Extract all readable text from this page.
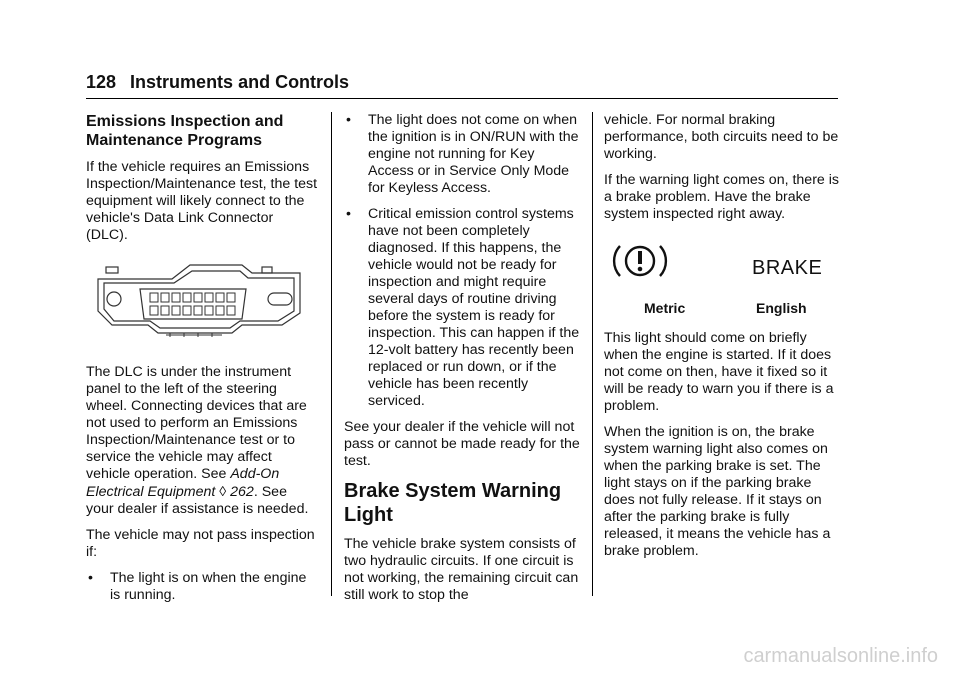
128 Instruments and Controls
Emissions Inspection and Maintenance Programs

If the vehicle requires an Emissions Inspection/Maintenance test, the test equipment will likely connect to the vehicle's Data Link Connector (DLC).

The DLC is under the instrument panel to the left of the steering wheel. Connecting devices that are not used to perform an Emissions Inspection/Maintenance test or to service the vehicle may affect vehicle operation. See Add-On Electrical Equipment ◊ 262. See your dealer if assistance is needed.

The vehicle may not pass inspection if:

•	The light is on when the engine is running.
•	The light does not come on when the ignition is in ON/RUN with the engine not running for Key Access or in Service Only Mode for Keyless Access.
•	Critical emission control systems have not been completely diagnosed. If this happens, the vehicle would not be ready for inspection and might require several days of routine driving before the system is ready for inspection. This can happen if the 12-volt battery has recently been replaced or run down, or if the vehicle has been recently serviced.

See your dealer if the vehicle will not pass or cannot be made ready for the test.

Brake System Warning Light

The vehicle brake system consists of two hydraulic circuits. If one circuit is not working, the remaining circuit can still work to stop the

vehicle. For normal braking performance, both circuits need to be working.

If the warning light comes on, there is a brake problem. Have the brake system inspected right away.

BRAKE
Metric	English

This light should come on briefly when the engine is started. If it does not come on then, have it fixed so it will be ready to warn you if there is a problem.

When the ignition is on, the brake system warning light also comes on when the parking brake is set. The light stays on if the parking brake does not fully release. If it stays on after the parking brake is fully released, it means the vehicle has a brake problem.

carmanualsonline.info
